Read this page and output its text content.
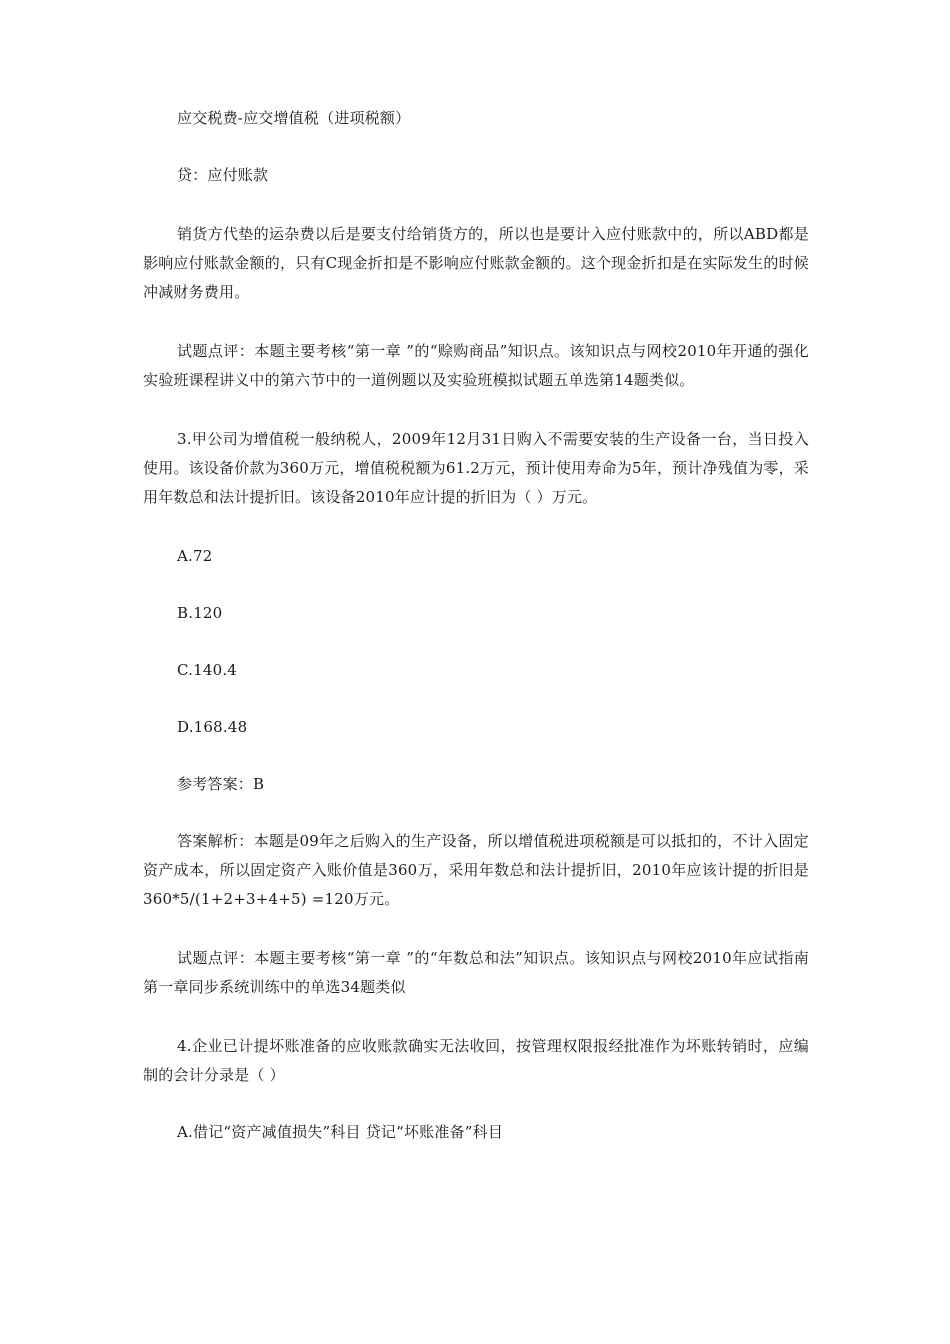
应交税费-应交增值税（进项税额）

贷：应付账款

销货方代垫的运杂费以后是要支付给销货方的，所以也是要计入应付账款中的，所以ABD都是影响应付账款金额的，只有C现金折扣是不影响应付账款金额的。这个现金折扣是在实际发生的时候冲减财务费用。

试题点评：本题主要考核“第一章 ”的“赊购商品”知识点。该知识点与网校2010年开通的强化实验班课程讲义中的第六节中的一道例题以及实验班模拟试题五单选第14题类似。

3.甲公司为增值税一般纳税人，2009年12月31日购入不需要安装的生产设备一台，当日投入使用。该设备价款为360万元，增值税税额为61.2万元，预计使用寿命为5年，预计净残值为零，采用年数总和法计提折旧。该设备2010年应计提的折旧为（ ）万元。

A.72

B.120

C.140.4

D.168.48

参考答案：B

答案解析：本题是09年之后购入的生产设备，所以增值税进项税额是可以抵扣的，不计入固定资产成本，所以固定资产入账价值是360万，采用年数总和法计提折旧，2010年应该计提的折旧是360*5/(1+2+3+4+5) =120万元。

试题点评：本题主要考核“第一章 ”的“年数总和法”知识点。该知识点与网校2010年应试指南第一章同步系统训练中的单选34题类似

4.企业已计提坏账准备的应收账款确实无法收回，按管理权限报经批准作为坏账转销时，应编制的会计分录是（ ）

A.借记“资产减值损失”科目 贷记“坏账准备”科目
